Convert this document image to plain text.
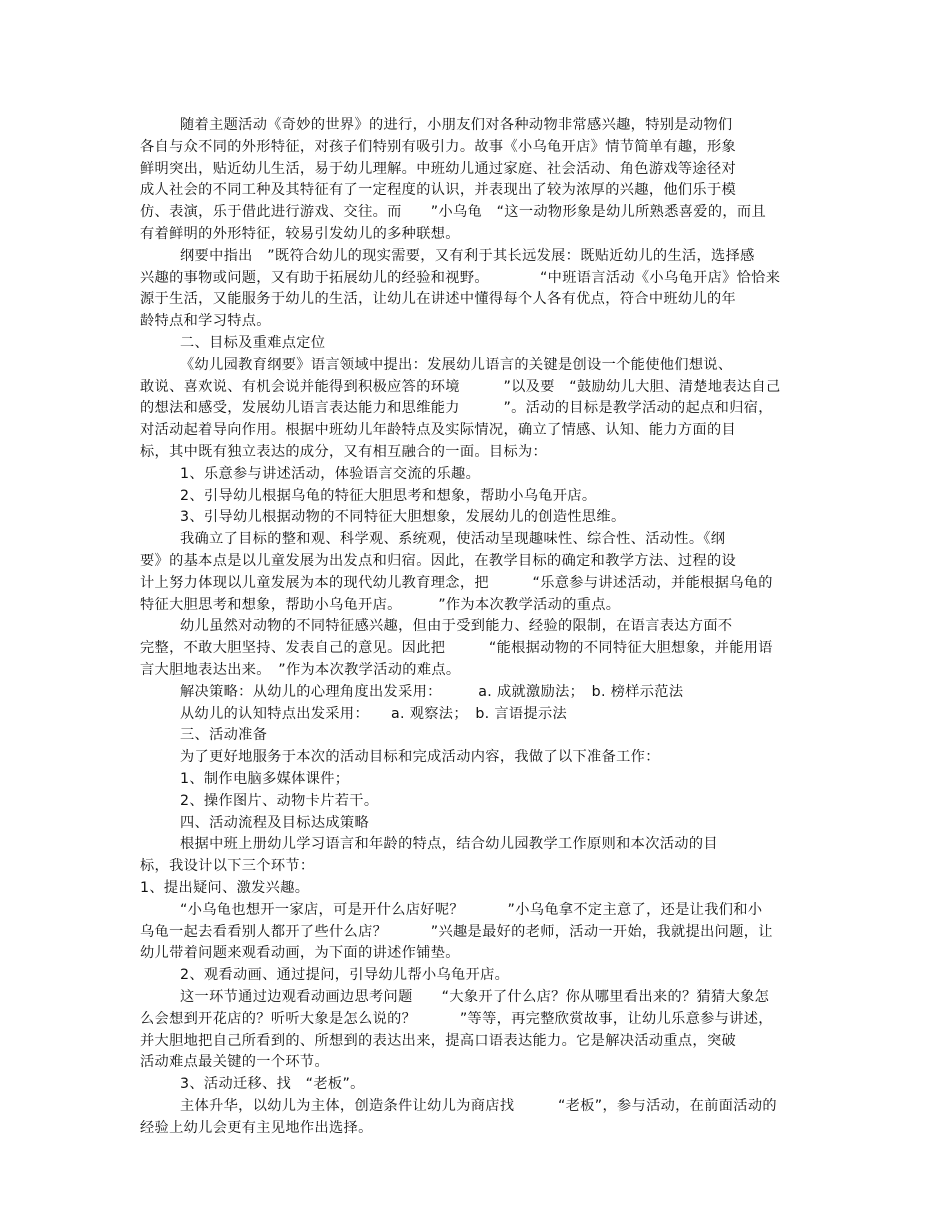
随着主题活动《奇妙的世界》的进行，小朋友们对各种动物非常感兴趣，特别是动物们
各自与众不同的外形特征，对孩子们特别有吸引力。故事《小乌龟开店》情节简单有趣，形象
鲜明突出，贴近幼儿生活，易于幼儿理解。中班幼儿通过家庭、社会活动、角色游戏等途径对
成人社会的不同工种及其特征有了一定程度的认识，并表现出了较为浓厚的兴趣，他们乐于模
仿、表演，乐于借此进行游戏、交往。而　　”小乌龟　“这一动物形象是幼儿所熟悉喜爱的，而且
有着鲜明的外形特征，较易引发幼儿的多种联想。
纲要中指出　”既符合幼儿的现实需要，又有利于其长远发展：既贴近幼儿的生活，选择感
兴趣的事物或问题，又有助于拓展幼儿的经验和视野。　　　　“中班语言活动《小乌龟开店》恰恰来
源于生活，又能服务于幼儿的生活，让幼儿在讲述中懂得每个人各有优点，符合中班幼儿的年
龄特点和学习特点。
二、目标及重难点定位
《幼儿园教育纲要》语言领域中提出：发展幼儿语言的关键是创设一个能使他们想说、
敢说、喜欢说、有机会说并能得到积极应答的环境　　　”以及要　“鼓励幼儿大胆、清楚地表达自己
的想法和感受，发展幼儿语言表达能力和思维能力　　　”。活动的目标是教学活动的起点和归宿，
对活动起着导向作用。根据中班幼儿年龄特点及实际情况，确立了情感、认知、能力方面的目
标，其中既有独立表达的成分，又有相互融合的一面。目标为：
1、乐意参与讲述活动，体验语言交流的乐趣。
2、引导幼儿根据乌龟的特征大胆思考和想象，帮助小乌龟开店。
3、引导幼儿根据动物的不同特征大胆想象，发展幼儿的创造性思维。
我确立了目标的整和观、科学观、系统观，使活动呈现趣味性、综合性、活动性。《纲
要》的基本点是以儿童发展为出发点和归宿。因此，在教学目标的确定和教学方法、过程的设
计上努力体现以儿童发展为本的现代幼儿教育理念，把　　　“乐意参与讲述活动，并能根据乌龟的
特征大胆思考和想象，帮助小乌龟开店。　　　”作为本次教学活动的重点。
幼儿虽然对动物的不同特征感兴趣，但由于受到能力、经验的限制，在语言表达方面不
完整，不敢大胆坚持、发表自己的意见。因此把　　　“能根据动物的不同特征大胆想象，并能用语
言大胆地表达出来。　”作为本次教学活动的难点。
解决策略：从幼儿的心理角度出发采用：　　　a. 成就激励法；　b. 榜样示范法
从幼儿的认知特点出发采用：　　a. 观察法；　b. 言语提示法
三、活动准备
为了更好地服务于本次的活动目标和完成活动内容，我做了以下准备工作：
1、制作电脑多媒体课件；
2、操作图片、动物卡片若干。
四、活动流程及目标达成策略
根据中班上册幼儿学习语言和年龄的特点，结合幼儿园教学工作原则和本次活动的目
标，我设计以下三个环节：
1、提出疑问、激发兴趣。
“小乌龟也想开一家店，可是开什么店好呢？　　　”小乌龟拿不定主意了，还是让我们和小
乌龟一起去看看别人都开了些什么店？　　　”兴趣是最好的老师，活动一开始，我就提出问题，让
幼儿带着问题来观看动画，为下面的讲述作铺垫。
2、观看动画、通过提问，引导幼儿帮小乌龟开店。
这一环节通过边观看动画边思考问题　　“大象开了什么店？你从哪里看出来的？猜猜大象怎
么会想到开花店的？听听大象是怎么说的？　　　”等等，再完整欣赏故事，让幼儿乐意参与讲述，
并大胆地把自己所看到的、所想到的表达出来，提高口语表达能力。它是解决活动重点，突破
活动难点最关键的一个环节。
3、活动迁移、找　“老板”。
主体升华，以幼儿为主体，创造条件让幼儿为商店找　　　“老板”，参与活动，在前面活动的
经验上幼儿会更有主见地作出选择。
